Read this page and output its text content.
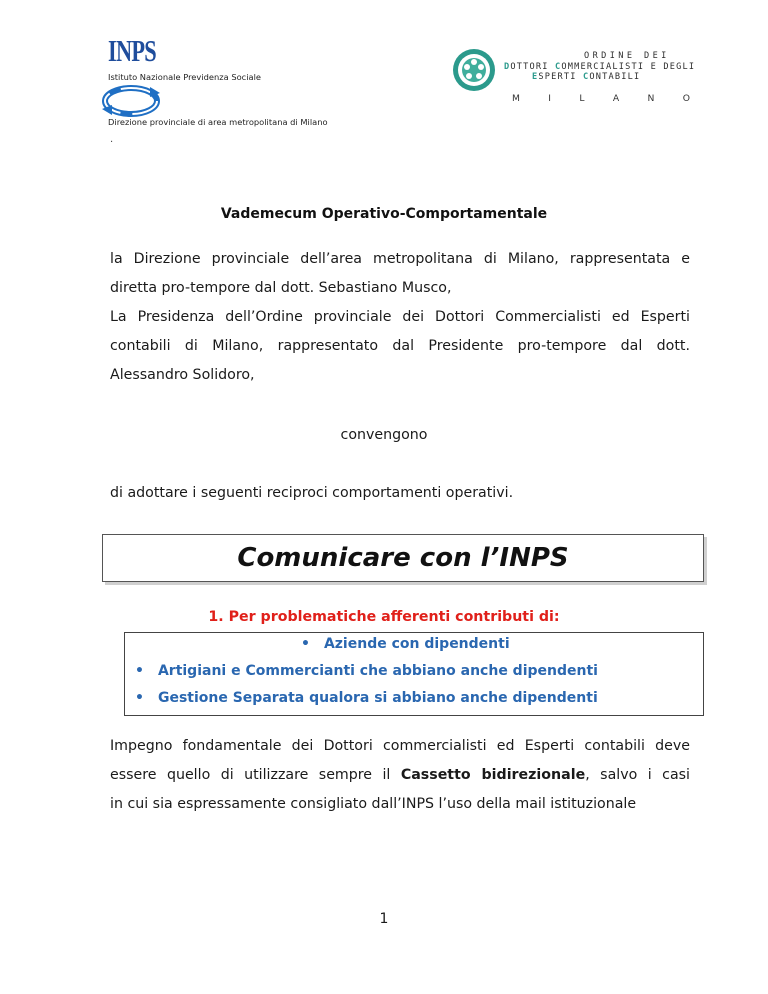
INPS
Istituto Nazionale Previdenza Sociale
Direzione provinciale di area metropolitana di Milano
.
ORDINE DEI
DOTTORI COMMERCIALISTI E DEGLI
ESPERTI CONTABILI
M	I	L	A	N	O
Vademecum Operativo-Comportamentale

la Direzione provinciale dell’area metropolitana di Milano, rappresentata e
diretta pro-tempore dal dott. Sebastiano Musco,
La Presidenza dell’Ordine provinciale dei Dottori Commercialisti ed Esperti
contabili di Milano, rappresentato dal Presidente pro-tempore dal dott.
Alessandro Solidoro,

convengono

di adottare i seguenti reciproci comportamenti operativi.

Comunicare con l’INPS
1. Per problematiche afferenti contributi di:
• Aziende con dipendenti
• Artigiani e Commercianti che abbiano anche dipendenti
• Gestione Separata qualora si abbiano anche dipendenti

Impegno fondamentale dei Dottori commercialisti ed Esperti contabili deve
essere quello di utilizzare sempre il Cassetto bidirezionale, salvo i casi
in cui sia espressamente consigliato dall’INPS l’uso della mail istituzionale

1
